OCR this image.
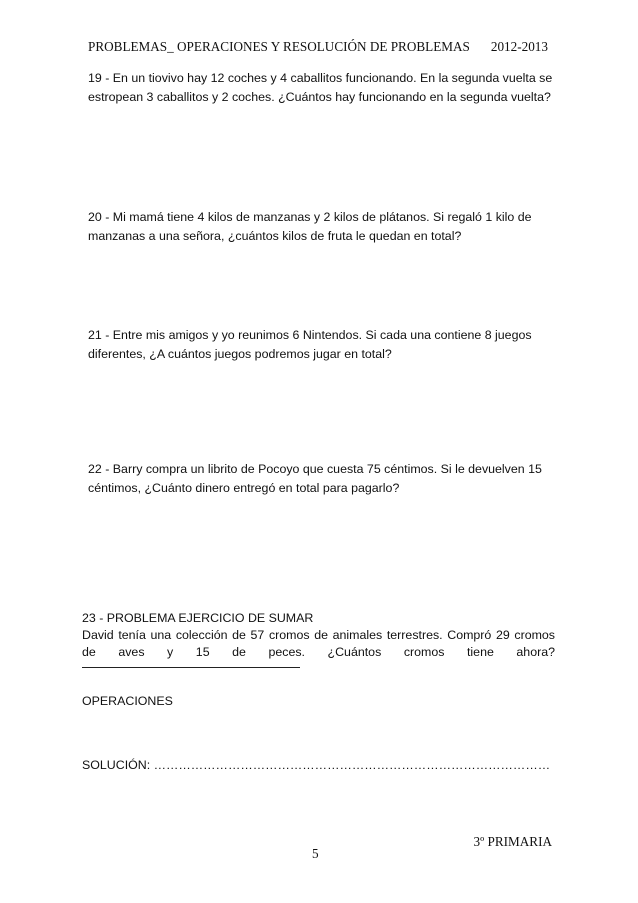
PROBLEMAS_ OPERACIONES Y RESOLUCIÓN DE PROBLEMAS 2012-2013

19 - En un tiovivo hay 12 coches y 4 caballitos funcionando. En la segunda vuelta se estropean 3 caballitos y 2 coches. ¿Cuántos hay funcionando en la segunda vuelta?

20 - Mi mamá tiene 4 kilos de manzanas y 2 kilos de plátanos. Si regaló 1 kilo de manzanas a una señora, ¿cuántos kilos de fruta le quedan en total?

21 - Entre mis amigos y yo reunimos 6 Nintendos. Si cada una contiene 8 juegos diferentes, ¿A cuántos juegos podremos jugar en total?

22 - Barry compra un librito de Pocoyo que cuesta 75 céntimos. Si le devuelven 15 céntimos, ¿Cuánto dinero entregó en total para pagarlo?

23 - PROBLEMA EJERCICIO DE SUMAR
David tenía una colección de 57 cromos de animales terrestres. Compró 29 cromos de aves y 15 de peces. ¿Cuántos cromos tiene ahora?
OPERACIONES
SOLUCIÓN: ……………………………………………………………………………………
3º PRIMARIA
5
